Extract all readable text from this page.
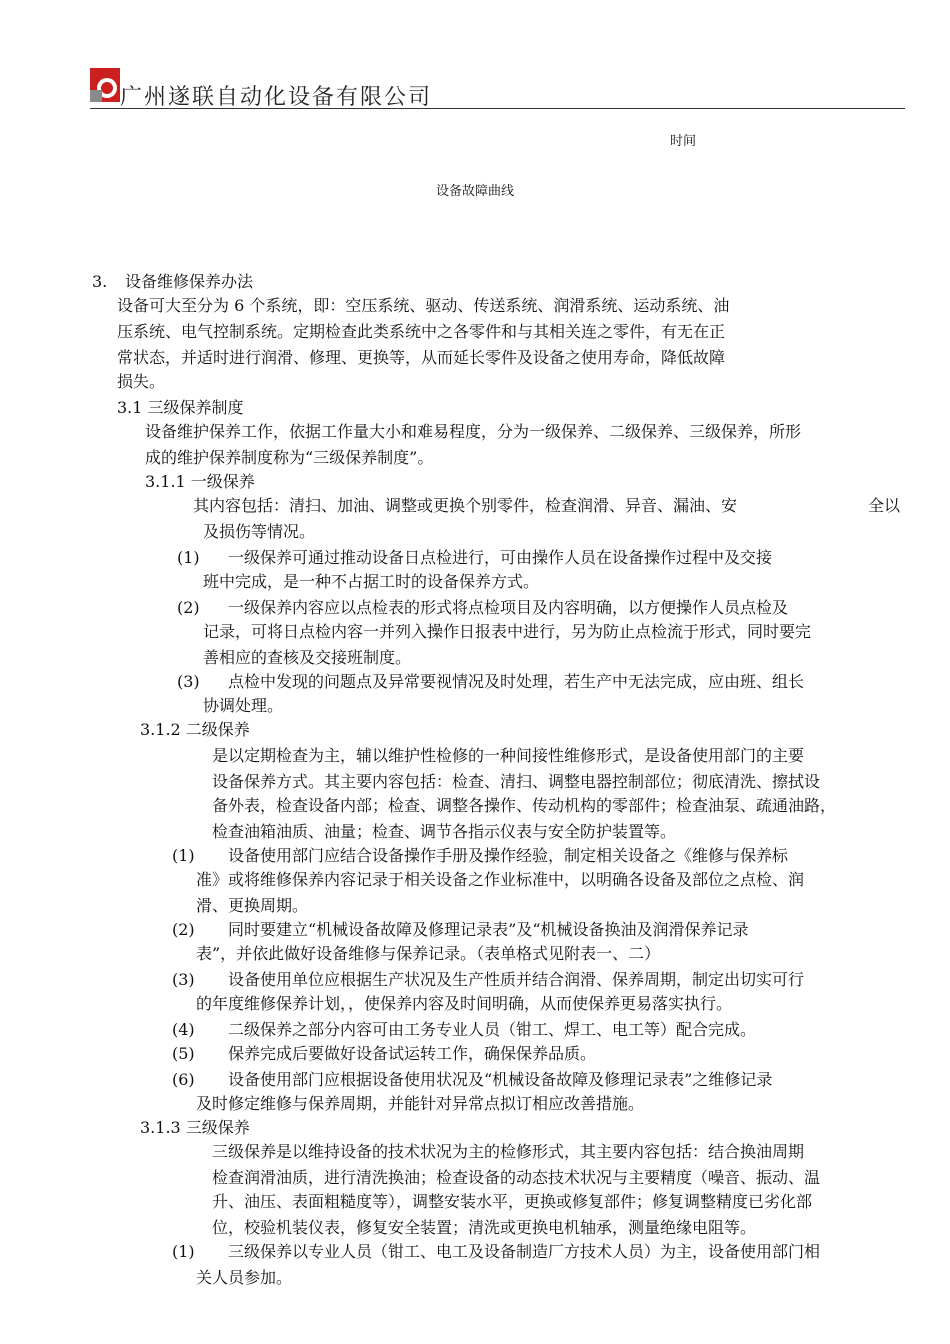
广州遂联自动化设备有限公司
时间
设备故障曲线
3. 设备维修保养办法
设备可大至分为 6 个系统，即：空压系统、驱动、传送系统、润滑系统、运动系统、油
压系统、电气控制系统。定期检查此类系统中之各零件和与其相关连之零件，有无在正
常状态，并适时进行润滑、修理、更换等，从而延长零件及设备之使用寿命，降低故障
损失。
3.1 三级保养制度
设备维护保养工作，依据工作量大小和难易程度，分为一级保养、二级保养、三级保养，所形
成的维护保养制度称为“三级保养制度”。
3.1.1 一级保养
其内容包括：清扫、加油、调整或更换个别零件，检查润滑、异音、漏油、安	全以
及损伤等情况。
(1) 一级保养可通过推动设备日点检进行，可由操作人员在设备操作过程中及交接
班中完成，是一种不占据工时的设备保养方式。
(2) 一级保养内容应以点检表的形式将点检项目及内容明确，以方便操作人员点检及
记录，可将日点检内容一并列入操作日报表中进行，另为防止点检流于形式，同时要完
善相应的查核及交接班制度。
(3) 点检中发现的问题点及异常要视情况及时处理，若生产中无法完成，应由班、组长
协调处理。
3.1.2 二级保养
是以定期检查为主，辅以维护性检修的一种间接性维修形式，是设备使用部门的主要
设备保养方式。其主要内容包括：检查、清扫、调整电器控制部位；彻底清洗、擦拭设
备外表，检查设备内部；检查、调整各操作、传动机构的零部件；检查油泵、疏通油路，
检查油箱油质、油量；检查、调节各指示仪表与安全防护装置等。
(1) 设备使用部门应结合设备操作手册及操作经验，制定相关设备之《维修与保养标
准》或将维修保养内容记录于相关设备之作业标准中，以明确各设备及部位之点检、润
滑、更换周期。
(2) 同时要建立“机械设备故障及修理记录表”及“机械设备换油及润滑保养记录
表”，并依此做好设备维修与保养记录。（表单格式见附表一、二）
(3) 设备使用单位应根据生产状况及生产性质并结合润滑、保养周期，制定出切实可行
的年度维修保养计划，，使保养内容及时间明确，从而使保养更易落实执行。
(4) 二级保养之部分内容可由工务专业人员（钳工、焊工、电工等）配合完成。
(5) 保养完成后要做好设备试运转工作，确保保养品质。
(6) 设备使用部门应根据设备使用状况及“机械设备故障及修理记录表”之维修记录
及时修定维修与保养周期，并能针对异常点拟订相应改善措施。
3.1.3 三级保养
三级保养是以维持设备的技术状况为主的检修形式，其主要内容包括：结合换油周期
检查润滑油质，进行清洗换油；检查设备的动态技术状况与主要精度（噪音、振动、温
升、油压、表面粗糙度等），调整安装水平，更换或修复部件；修复调整精度已劣化部
位，校验机装仪表，修复安全装置；清洗或更换电机轴承，测量绝缘电阻等。
(1) 三级保养以专业人员（钳工、电工及设备制造厂方技术人员）为主，设备使用部门相
关人员参加。
